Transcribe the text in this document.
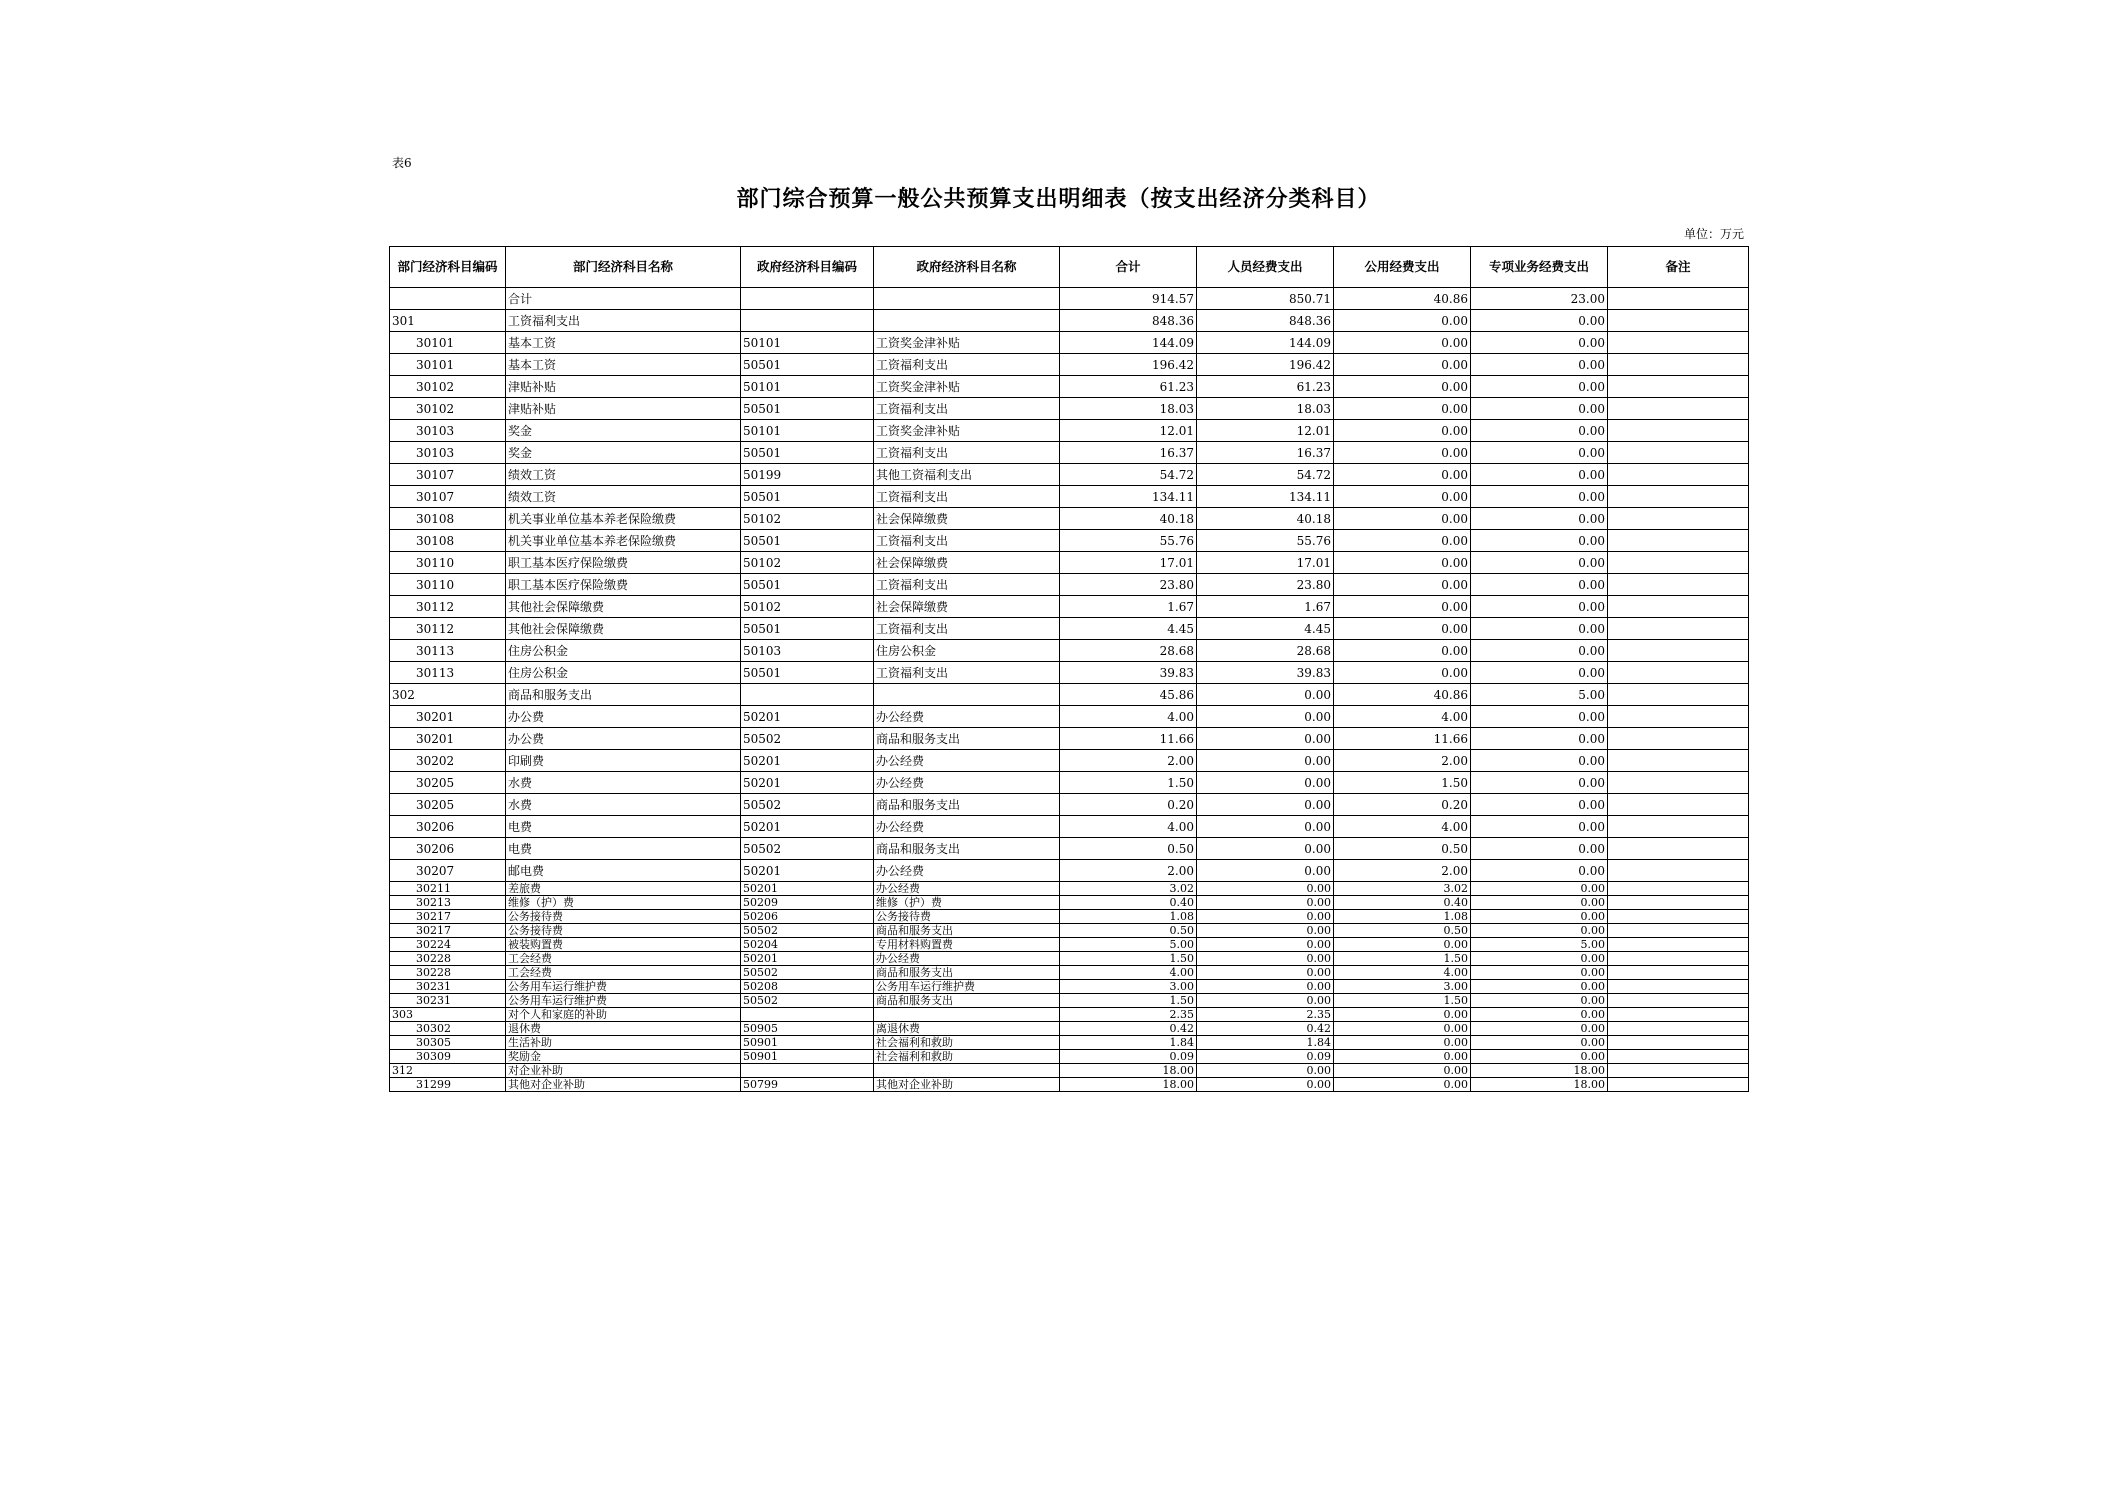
表6
部门综合预算一般公共预算支出明细表（按支出经济分类科目）
单位：万元
部门经济科目编码	部门经济科目名称	政府经济科目编码	政府经济科目名称	合计	人员经费支出	公用经费支出	专项业务经费支出	备注
	合计			914.57	850.71	40.86	23.00	
301	工资福利支出			848.36	848.36	0.00	0.00	
30101	基本工资	50101	工资奖金津补贴	144.09	144.09	0.00	0.00	
30101	基本工资	50501	工资福利支出	196.42	196.42	0.00	0.00	
30102	津贴补贴	50101	工资奖金津补贴	61.23	61.23	0.00	0.00	
30102	津贴补贴	50501	工资福利支出	18.03	18.03	0.00	0.00	
30103	奖金	50101	工资奖金津补贴	12.01	12.01	0.00	0.00	
30103	奖金	50501	工资福利支出	16.37	16.37	0.00	0.00	
30107	绩效工资	50199	其他工资福利支出	54.72	54.72	0.00	0.00	
30107	绩效工资	50501	工资福利支出	134.11	134.11	0.00	0.00	
30108	机关事业单位基本养老保险缴费	50102	社会保障缴费	40.18	40.18	0.00	0.00	
30108	机关事业单位基本养老保险缴费	50501	工资福利支出	55.76	55.76	0.00	0.00	
30110	职工基本医疗保险缴费	50102	社会保障缴费	17.01	17.01	0.00	0.00	
30110	职工基本医疗保险缴费	50501	工资福利支出	23.80	23.80	0.00	0.00	
30112	其他社会保障缴费	50102	社会保障缴费	1.67	1.67	0.00	0.00	
30112	其他社会保障缴费	50501	工资福利支出	4.45	4.45	0.00	0.00	
30113	住房公积金	50103	住房公积金	28.68	28.68	0.00	0.00	
30113	住房公积金	50501	工资福利支出	39.83	39.83	0.00	0.00	
302	商品和服务支出			45.86	0.00	40.86	5.00	
30201	办公费	50201	办公经费	4.00	0.00	4.00	0.00	
30201	办公费	50502	商品和服务支出	11.66	0.00	11.66	0.00	
30202	印刷费	50201	办公经费	2.00	0.00	2.00	0.00	
30205	水费	50201	办公经费	1.50	0.00	1.50	0.00	
30205	水费	50502	商品和服务支出	0.20	0.00	0.20	0.00	
30206	电费	50201	办公经费	4.00	0.00	4.00	0.00	
30206	电费	50502	商品和服务支出	0.50	0.00	0.50	0.00	
30207	邮电费	50201	办公经费	2.00	0.00	2.00	0.00	
30211	差旅费	50201	办公经费	3.02	0.00	3.02	0.00	
30213	维修（护）费	50209	维修（护）费	0.40	0.00	0.40	0.00	
30217	公务接待费	50206	公务接待费	1.08	0.00	1.08	0.00	
30217	公务接待费	50502	商品和服务支出	0.50	0.00	0.50	0.00	
30224	被装购置费	50204	专用材料购置费	5.00	0.00	0.00	5.00	
30228	工会经费	50201	办公经费	1.50	0.00	1.50	0.00	
30228	工会经费	50502	商品和服务支出	4.00	0.00	4.00	0.00	
30231	公务用车运行维护费	50208	公务用车运行维护费	3.00	0.00	3.00	0.00	
30231	公务用车运行维护费	50502	商品和服务支出	1.50	0.00	1.50	0.00	
303	对个人和家庭的补助			2.35	2.35	0.00	0.00	
30302	退休费	50905	离退休费	0.42	0.42	0.00	0.00	
30305	生活补助	50901	社会福利和救助	1.84	1.84	0.00	0.00	
30309	奖励金	50901	社会福利和救助	0.09	0.09	0.00	0.00	
312	对企业补助			18.00	0.00	0.00	18.00	
31299	其他对企业补助	50799	其他对企业补助	18.00	0.00	0.00	18.00	
